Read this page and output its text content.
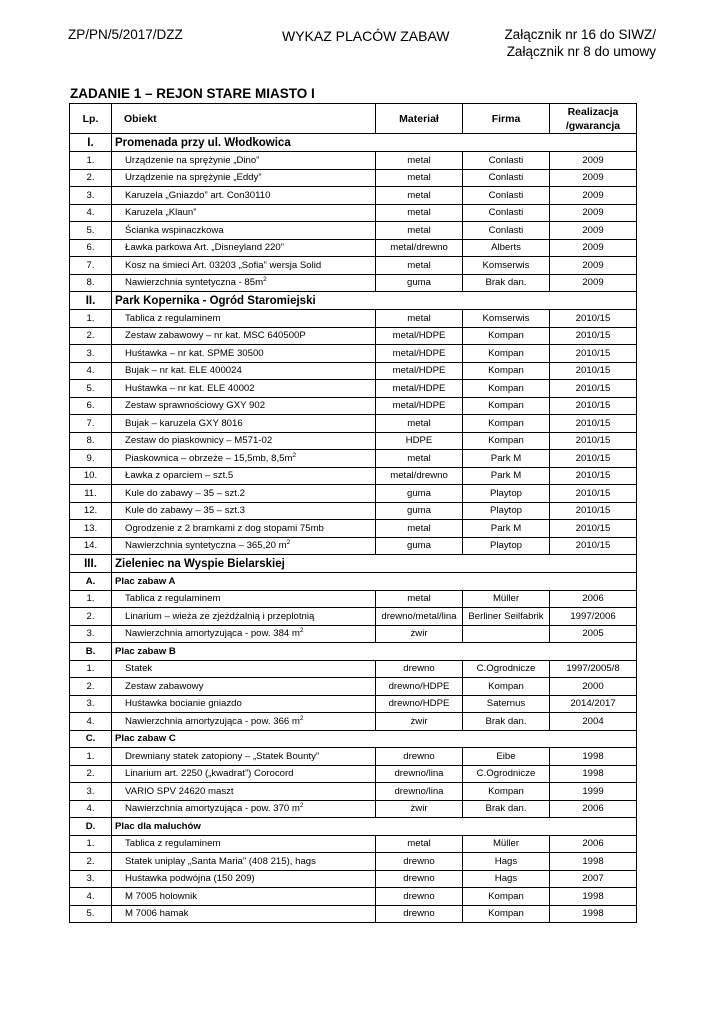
ZP/PN/5/2017/DZZ	WYKAZ PLACÓW ZABAW	Załącznik nr 16 do SIWZ/
Załącznik nr 8 do umowy
ZADANIE 1 – REJON STARE MIASTO I
Lp.	Obiekt	Materiał	Firma	Realizacja
/gwarancja
I.	Promenada przy ul. Włodkowica			
1.	Urządzenie na sprężynie „Dino”	metal	Conlasti	2009
2.	Urządzenie na sprężynie „Eddy”	metal	Conlasti	2009
3.	Karuzela „Gniazdo” art. Con30110	metal	Conlasti	2009
4.	Karuzela „Klaun”	metal	Conlasti	2009
5.	Ścianka wspinaczkowa	metal	Conlasti	2009
6.	Ławka parkowa Art. „Disneyland 220”	metal/drewno	Alberts	2009
7.	Kosz na śmieci Art. 03203 „Sofia” wersja Solid	metal	Komserwis	2009
8.	Nawierzchnia syntetyczna - $85m^2$	guma	Brak dan.	2009
II.	Park Kopernika - Ogród Staromiejski			
1.	Tablica z regulaminem	metal	Komserwis	2010/15
2.	Zestaw zabawowy – nr kat. MSC 640500P	metal/HDPE	Kompan	2010/15
3.	Huśtawka – nr kat. SPME 30500	metal/HDPE	Kompan	2010/15
4.	Bujak – nr kat. ELE 400024	metal/HDPE	Kompan	2010/15
5.	Huśtawka – nr kat. ELE 40002	metal/HDPE	Kompan	2010/15
6.	Zestaw sprawnościowy GXY 902	metal/HDPE	Kompan	2010/15
7.	Bujak – karuzela GXY 8016	metal	Kompan	2010/15
8.	Zestaw do piaskownicy – M571-02	HDPE	Kompan	2010/15
9.	Piaskownica – obrzeże – 15,5mb, $8,5m^2$	metal	Park M	2010/15
10.	Ławka z oparciem – szt.5	metal/drewno	Park M	2010/15
11.	Kule do zabawy – 35 – szt.2	guma	Playtop	2010/15
12.	Kule do zabawy – 35 – szt.3	guma	Playtop	2010/15
13.	Ogrodzenie z 2 bramkami z dog stopami 75mb	metal	Park M	2010/15
14.	Nawierzchnia syntetyczna – 365,20 $m^2$	guma	Playtop	2010/15
III.	Zieleniec na Wyspie Bielarskiej			
A.	Plac zabaw A			
1.	Tablica z regulaminem	metal	Müller	2006
2.	Linarium – wieża ze zjeżdżalnią i przeplotnią	drewno/metal/lina	Berliner Seilfabrik	1997/2006
3.	Nawierzchnia amortyzująca - pow. 384 $m^2$	żwir		2005
B.	Plac zabaw B			
1.	Statek	drewno	C.Ogrodnicze	1997/2005/8
2.	Zestaw zabawowy	drewno/HDPE	Kompan	2000
3.	Huśtawka bocianie gniazdo	drewno/HDPE	Saternus	2014/2017
4.	Nawierzchnia amortyzująca - pow. 366 $m^2$	żwir	Brak dan.	2004
C.	Plac zabaw C			
1.	Drewniany statek zatopiony – „Statek Bounty”	drewno	Eibe	1998
2.	Linarium art. 2250 („kwadrat”) Corocord	drewno/lina	C.Ogrodnicze	1998
3.	VARIO SPV 24620 maszt	drewno/lina	Kompan	1999
4.	Nawierzchnia amortyzująca - pow. 370 $m^2$	żwir	Brak dan.	2006
D.	Plac dla maluchów			
1.	Tablica z regulaminem	metal	Müller	2006
2.	Statek uniplay „Santa Maria” (408 215), hags	drewno	Hags	1998
3.	Huśtawka podwójna (150 209)	drewno	Hags	2007
4.	M 7005 holownik	drewno	Kompan	1998
5.	M 7006 hamak	drewno	Kompan	1998
